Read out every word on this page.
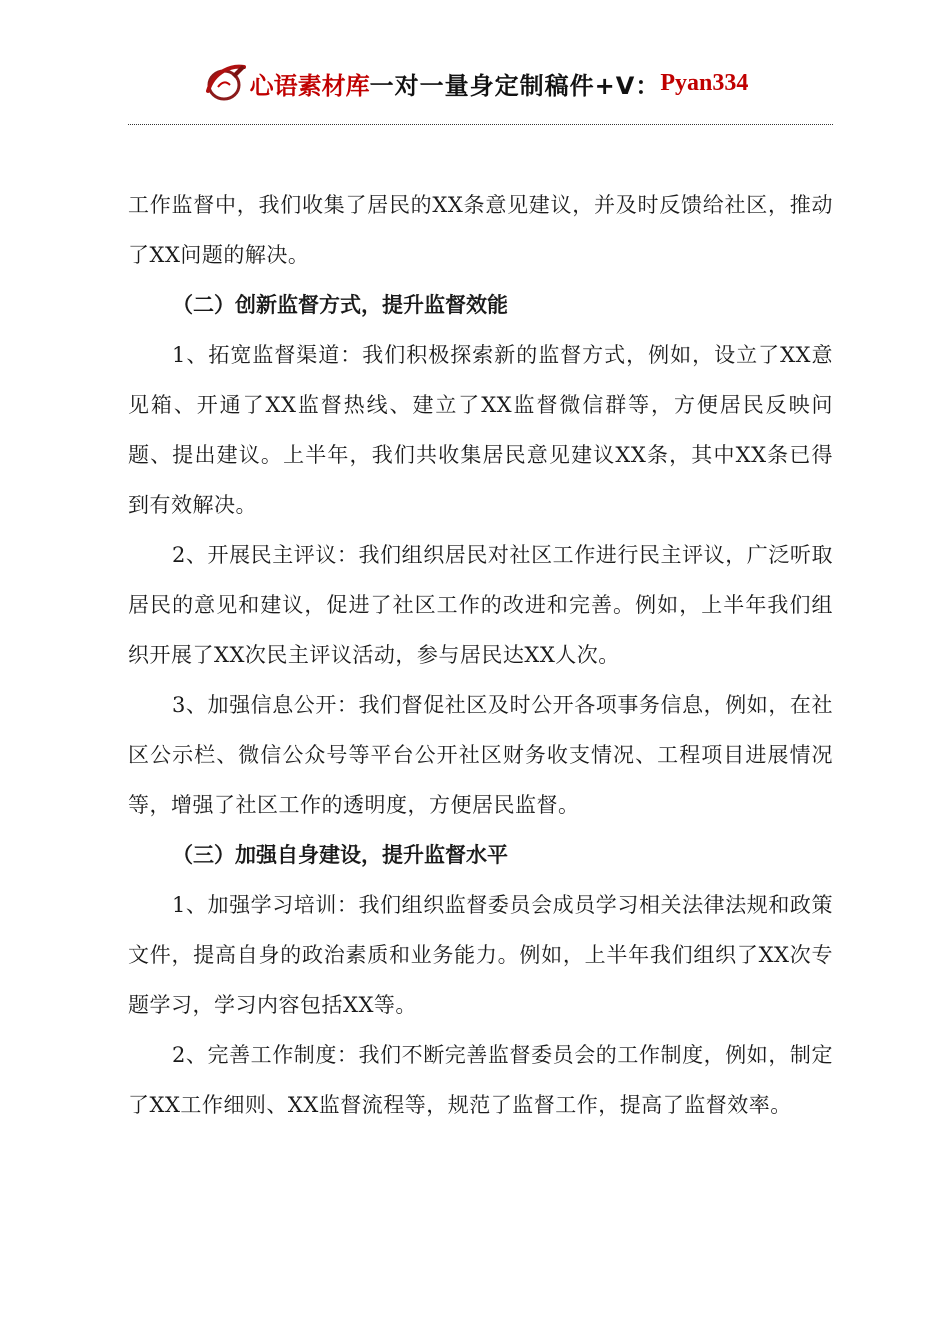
心语素材库 一对一量身定制稿件+V： Pyan334

工作监督中，我们收集了居民的XX条意见建议，并及时反馈给社区，推动了XX问题的解决。

（二）创新监督方式，提升监督效能

1、拓宽监督渠道：我们积极探索新的监督方式，例如，设立了XX意见箱、开通了XX监督热线、建立了XX监督微信群等，方便居民反映问题、提出建议。上半年，我们共收集居民意见建议XX条，其中XX条已得到有效解决。

2、开展民主评议：我们组织居民对社区工作进行民主评议，广泛听取居民的意见和建议，促进了社区工作的改进和完善。例如，上半年我们组织开展了XX次民主评议活动，参与居民达XX人次。

3、加强信息公开：我们督促社区及时公开各项事务信息，例如，在社区公示栏、微信公众号等平台公开社区财务收支情况、工程项目进展情况等，增强了社区工作的透明度，方便居民监督。

（三）加强自身建设，提升监督水平

1、加强学习培训：我们组织监督委员会成员学习相关法律法规和政策文件，提高自身的政治素质和业务能力。例如，上半年我们组织了XX次专题学习，学习内容包括XX等。

2、完善工作制度：我们不断完善监督委员会的工作制度，例如，制定了XX工作细则、XX监督流程等，规范了监督工作，提高了监督效率。
